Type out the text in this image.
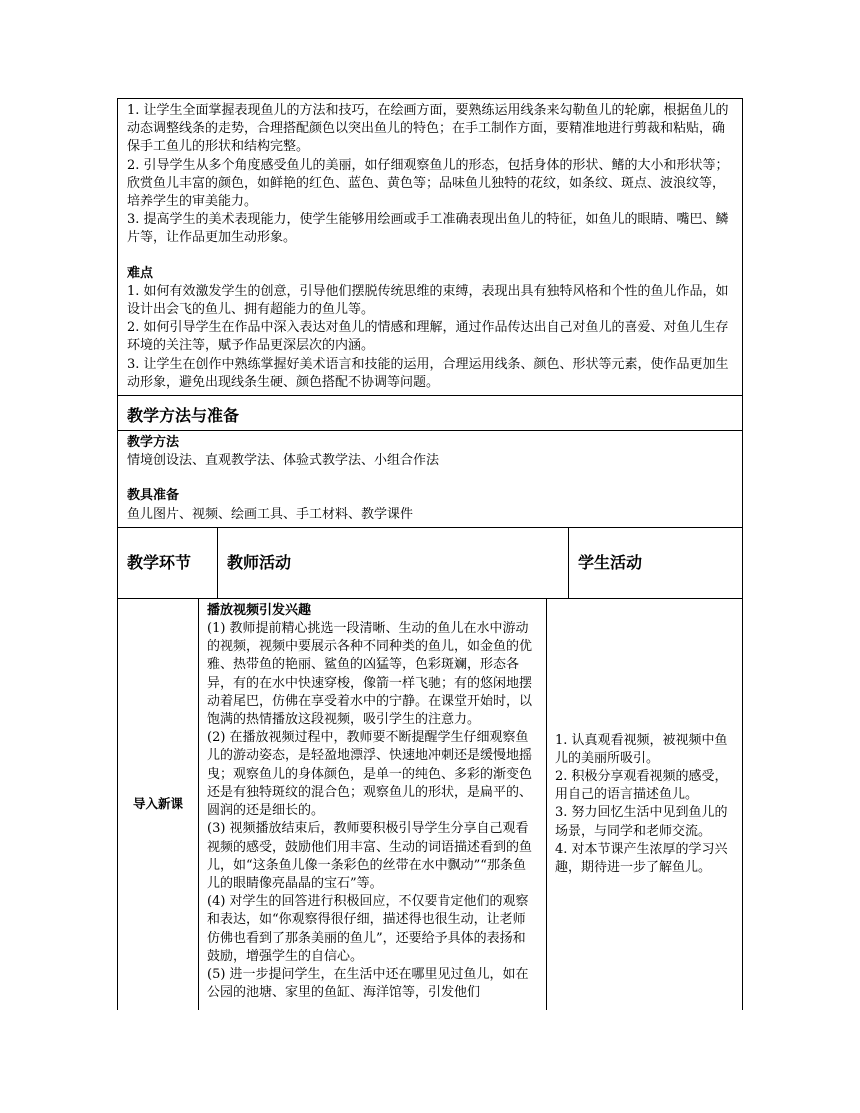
1. 让学生全面掌握表现鱼儿的方法和技巧，在绘画方面，要熟练运用线条来勾勒鱼儿的轮廓，根据鱼儿的动态调整线条的走势，合理搭配颜色以突出鱼儿的特色；在手工制作方面，要精准地进行剪裁和粘贴，确保手工鱼儿的形状和结构完整。

2. 引导学生从多个角度感受鱼儿的美丽，如仔细观察鱼儿的形态，包括身体的形状、鳍的大小和形状等；欣赏鱼儿丰富的颜色，如鲜艳的红色、蓝色、黄色等；品味鱼儿独特的花纹，如条纹、斑点、波浪纹等，培养学生的审美能力。

3. 提高学生的美术表现能力，使学生能够用绘画或手工准确表现出鱼儿的特征，如鱼儿的眼睛、嘴巴、鳞片等，让作品更加生动形象。

难点

1. 如何有效激发学生的创意，引导他们摆脱传统思维的束缚，表现出具有独特风格和个性的鱼儿作品，如设计出会飞的鱼儿、拥有超能力的鱼儿等。

2. 如何引导学生在作品中深入表达对鱼儿的情感和理解，通过作品传达出自己对鱼儿的喜爱、对鱼儿生存环境的关注等，赋予作品更深层次的内涵。

3. 让学生在创作中熟练掌握好美术语言和技能的运用，合理运用线条、颜色、形状等元素，使作品更加生动形象，避免出现线条生硬、颜色搭配不协调等问题。

教学方法与准备

教学方法

情境创设法、直观教学法、体验式教学法、小组合作法

教具准备

鱼儿图片、视频、绘画工具、手工材料、教学课件

教学环节	教师活动	学生活动
导入新课

播放视频引发兴趣

(1) 教师提前精心挑选一段清晰、生动的鱼儿在水中游动的视频，视频中要展示各种不同种类的鱼儿，如金鱼的优雅、热带鱼的艳丽、鲨鱼的凶猛等，色彩斑斓，形态各异，有的在水中快速穿梭，像箭一样飞驰；有的悠闲地摆动着尾巴，仿佛在享受着水中的宁静。在课堂开始时，以饱满的热情播放这段视频，吸引学生的注意力。

(2) 在播放视频过程中，教师要不断提醒学生仔细观察鱼儿的游动姿态，是轻盈地漂浮、快速地冲刺还是缓慢地摇曳；观察鱼儿的身体颜色，是单一的纯色、多彩的渐变色还是有独特斑纹的混合色；观察鱼儿的形状，是扁平的、圆润的还是细长的。

(3) 视频播放结束后，教师要积极引导学生分享自己观看视频的感受，鼓励他们用丰富、生动的词语描述看到的鱼儿，如“这条鱼儿像一条彩色的丝带在水中飘动”“那条鱼儿的眼睛像亮晶晶的宝石”等。

(4) 对学生的回答进行积极回应，不仅要肯定他们的观察和表达，如“你观察得很仔细，描述得也很生动，让老师仿佛也看到了那条美丽的鱼儿”，还要给予具体的表扬和鼓励，增强学生的自信心。

(5) 进一步提问学生，在生活中还在哪里见过鱼儿，如在公园的池塘、家里的鱼缸、海洋馆等，引发他们

1. 认真观看视频，被视频中鱼儿的美丽所吸引。

2. 积极分享观看视频的感受，用自己的语言描述鱼儿。

3. 努力回忆生活中见到鱼儿的场景，与同学和老师交流。

4. 对本节课产生浓厚的学习兴趣，期待进一步了解鱼儿。
